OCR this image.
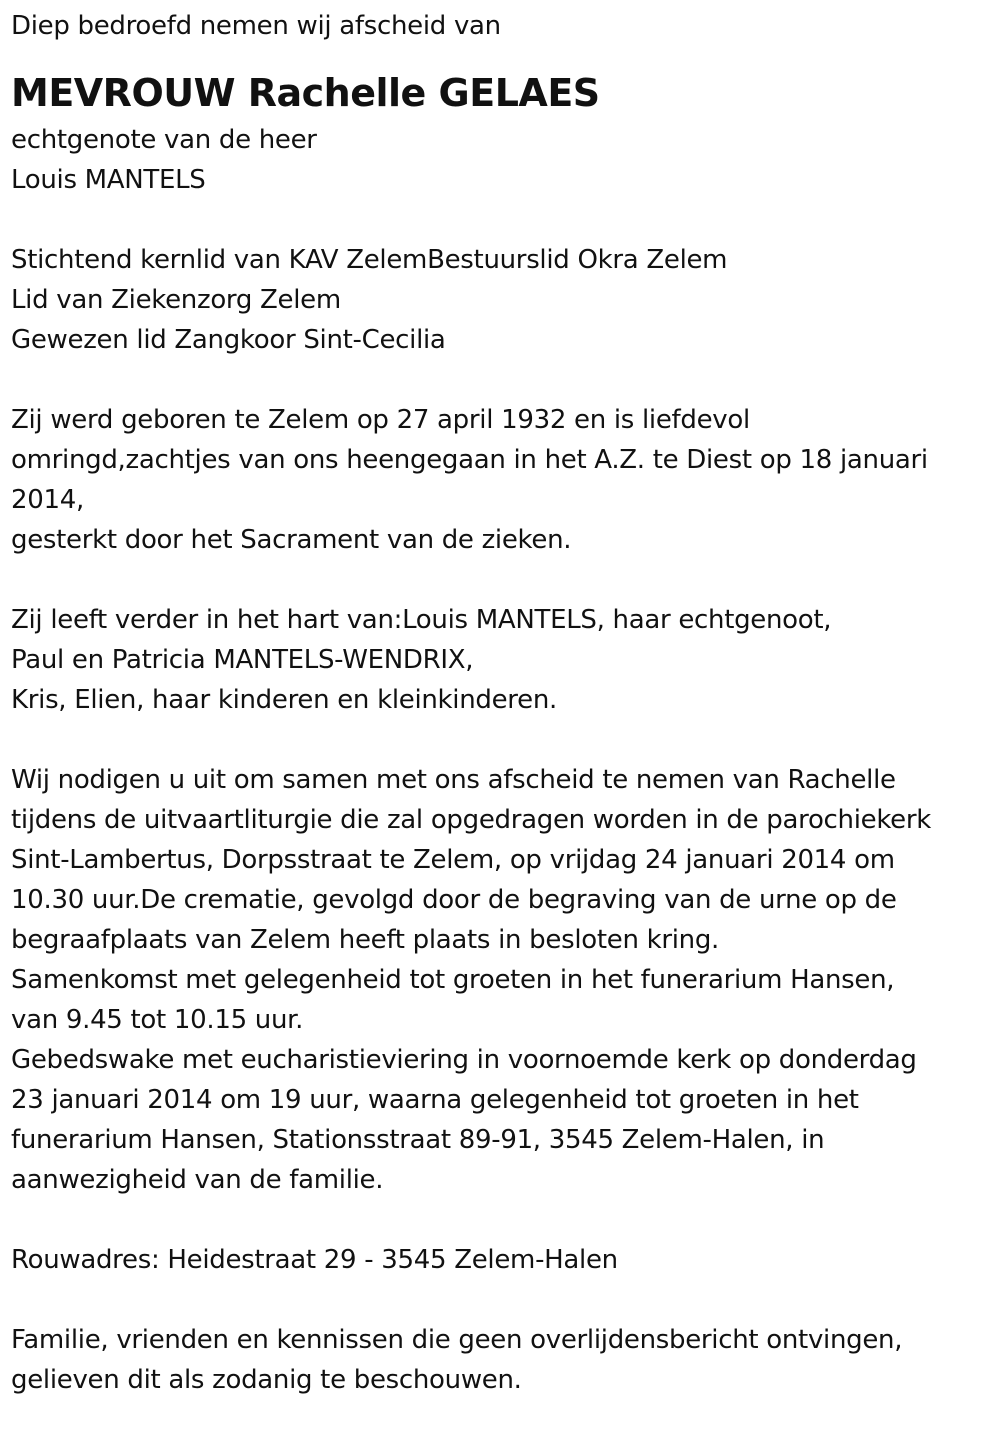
Diep bedroefd nemen wij afscheid van
MEVROUW Rachelle GELAES
echtgenote van de heer
Louis MANTELS
Stichtend kernlid van KAV ZelemBestuurslid Okra Zelem
Lid van Ziekenzorg Zelem
Gewezen lid Zangkoor Sint-Cecilia
Zij werd geboren te Zelem op 27 april 1932 en is liefdevol
omringd,zachtjes van ons heengegaan in het A.Z. te Diest op 18 januari
2014,
gesterkt door het Sacrament van de zieken.
Zij leeft verder in het hart van:Louis MANTELS, haar echtgenoot,
Paul en Patricia MANTELS-WENDRIX,
Kris, Elien, haar kinderen en kleinkinderen.
Wij nodigen u uit om samen met ons afscheid te nemen van Rachelle
tijdens de uitvaartliturgie die zal opgedragen worden in de parochiekerk
Sint-Lambertus, Dorpsstraat te Zelem, op vrijdag 24 januari 2014 om
10.30 uur.De crematie, gevolgd door de begraving van de urne op de
begraafplaats van Zelem heeft plaats in besloten kring.
Samenkomst met gelegenheid tot groeten in het funerarium Hansen,
van 9.45 tot 10.15 uur.
Gebedswake met eucharistieviering in voornoemde kerk op donderdag
23 januari 2014 om 19 uur, waarna gelegenheid tot groeten in het
funerarium Hansen, Stationsstraat 89-91, 3545 Zelem-Halen, in
aanwezigheid van de familie.
Rouwadres: Heidestraat 29 - 3545 Zelem-Halen
Familie, vrienden en kennissen die geen overlijdensbericht ontvingen,
gelieven dit als zodanig te beschouwen.
